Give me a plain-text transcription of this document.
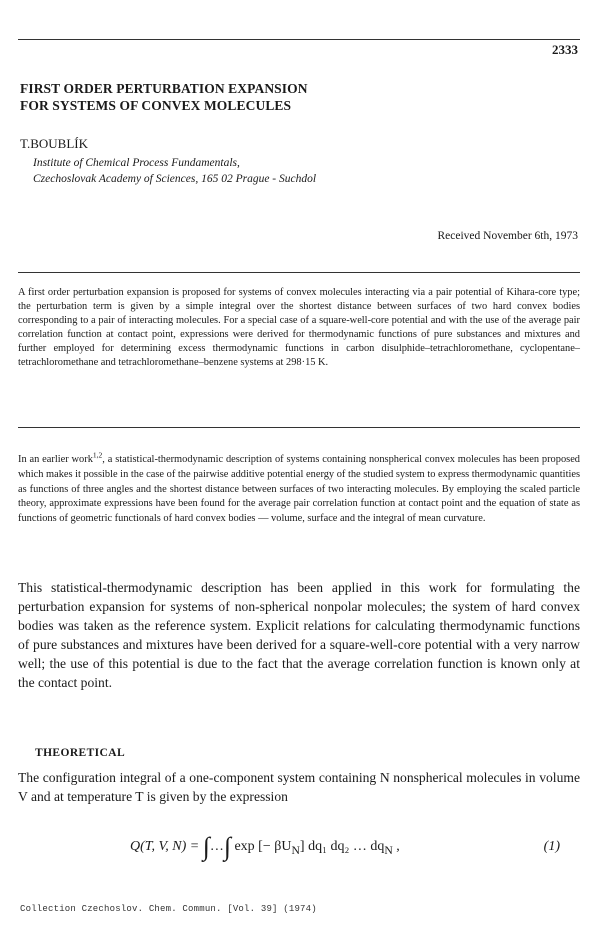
2333
FIRST ORDER PERTURBATION EXPANSION
FOR SYSTEMS OF CONVEX MOLECULES
T.BOUBLÍK
Institute of Chemical Process Fundamentals,
Czechoslovak Academy of Sciences, 165 02 Prague - Suchdol
Received November 6th, 1973
A first order perturbation expansion is proposed for systems of convex molecules interacting via a pair potential of Kihara-core type; the perturbation term is given by a simple integral over the shortest distance between surfaces of two hard convex bodies corresponding to a pair of interacting molecules. For a special case of a square-well-core potential and with the use of the average pair correlation function at contact point, expressions were derived for thermodynamic functions of pure substances and mixtures and further employed for determining excess thermodynamic functions in carbon disulphide–tetrachloromethane, cyclopentane–tetrachloromethane and tetrachloromethane–benzene systems at 298·15 K.
In an earlier work$^{1,2}$, a statistical-thermodynamic description of systems containing nonspherical convex molecules has been proposed which makes it possible in the case of the pairwise additive potential energy of the studied system to express thermodynamic quantities as functions of three angles and the shortest distance between surfaces of two interacting molecules. By employing the scaled particle theory, approximate expressions have been found for the average pair correlation function at contact point and the equation of state as functions of geometric functionals of hard convex bodies — volume, surface and the integral of mean curvature.
This statistical-thermodynamic description has been applied in this work for formulating the perturbation expansion for systems of non-spherical nonpolar molecules; the system of hard convex bodies was taken as the reference system. Explicit relations for calculating thermodynamic functions of pure substances and mixtures have been derived for a square-well-core potential with a very narrow well; the use of this potential is due to the fact that the average correlation function is known only at the contact point.
THEORETICAL
The configuration integral of a one-component system containing N nonspherical molecules in volume V and at temperature T is given by the expression
Q(T, V, N) = ∫…∫ exp [− $\beta U_N$] dq₁ dq₂ … $dq_N$ ,	(1)
Collection Czechoslov. Chem. Commun. [Vol. 39] (1974)
